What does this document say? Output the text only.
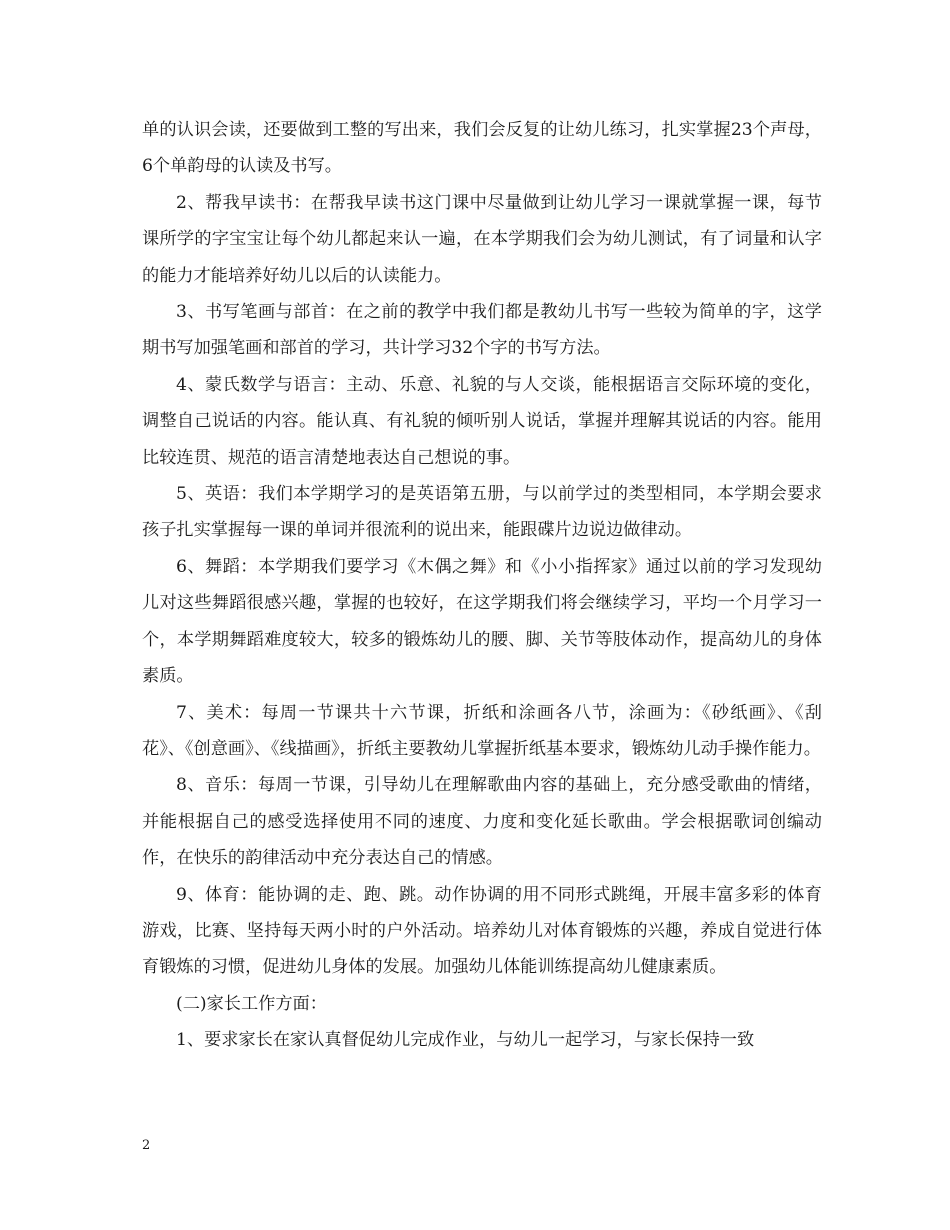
单的认识会读，还要做到工整的写出来，我们会反复的让幼儿练习，扎实掌握23个声母，6个单韵母的认读及书写。

2、帮我早读书：在帮我早读书这门课中尽量做到让幼儿学习一课就掌握一课，每节课所学的字宝宝让每个幼儿都起来认一遍，在本学期我们会为幼儿测试，有了词量和认字的能力才能培养好幼儿以后的认读能力。

3、书写笔画与部首：在之前的教学中我们都是教幼儿书写一些较为简单的字，这学期书写加强笔画和部首的学习，共计学习32个字的书写方法。

4、蒙氏数学与语言：主动、乐意、礼貌的与人交谈，能根据语言交际环境的变化，调整自己说话的内容。能认真、有礼貌的倾听别人说话，掌握并理解其说话的内容。能用比较连贯、规范的语言清楚地表达自己想说的事。

5、英语：我们本学期学习的是英语第五册，与以前学过的类型相同，本学期会要求孩子扎实掌握每一课的单词并很流利的说出来，能跟碟片边说边做律动。

6、舞蹈：本学期我们要学习《木偶之舞》和《小小指挥家》通过以前的学习发现幼儿对这些舞蹈很感兴趣，掌握的也较好，在这学期我们将会继续学习，平均一个月学习一个，本学期舞蹈难度较大，较多的锻炼幼儿的腰、脚、关节等肢体动作，提高幼儿的身体素质。

7、美术：每周一节课共十六节课，折纸和涂画各八节，涂画为：《砂纸画》、《刮花》、《创意画》、《线描画》，折纸主要教幼儿掌握折纸基本要求，锻炼幼儿动手操作能力。

8、音乐：每周一节课，引导幼儿在理解歌曲内容的基础上，充分感受歌曲的情绪，并能根据自己的感受选择使用不同的速度、力度和变化延长歌曲。学会根据歌词创编动作，在快乐的韵律活动中充分表达自己的情感。

9、体育：能协调的走、跑、跳。动作协调的用不同形式跳绳，开展丰富多彩的体育游戏，比赛、坚持每天两小时的户外活动。培养幼儿对体育锻炼的兴趣，养成自觉进行体育锻炼的习惯，促进幼儿身体的发展。加强幼儿体能训练提高幼儿健康素质。

(二)家长工作方面：

1、要求家长在家认真督促幼儿完成作业，与幼儿一起学习，与家长保持一致

2
